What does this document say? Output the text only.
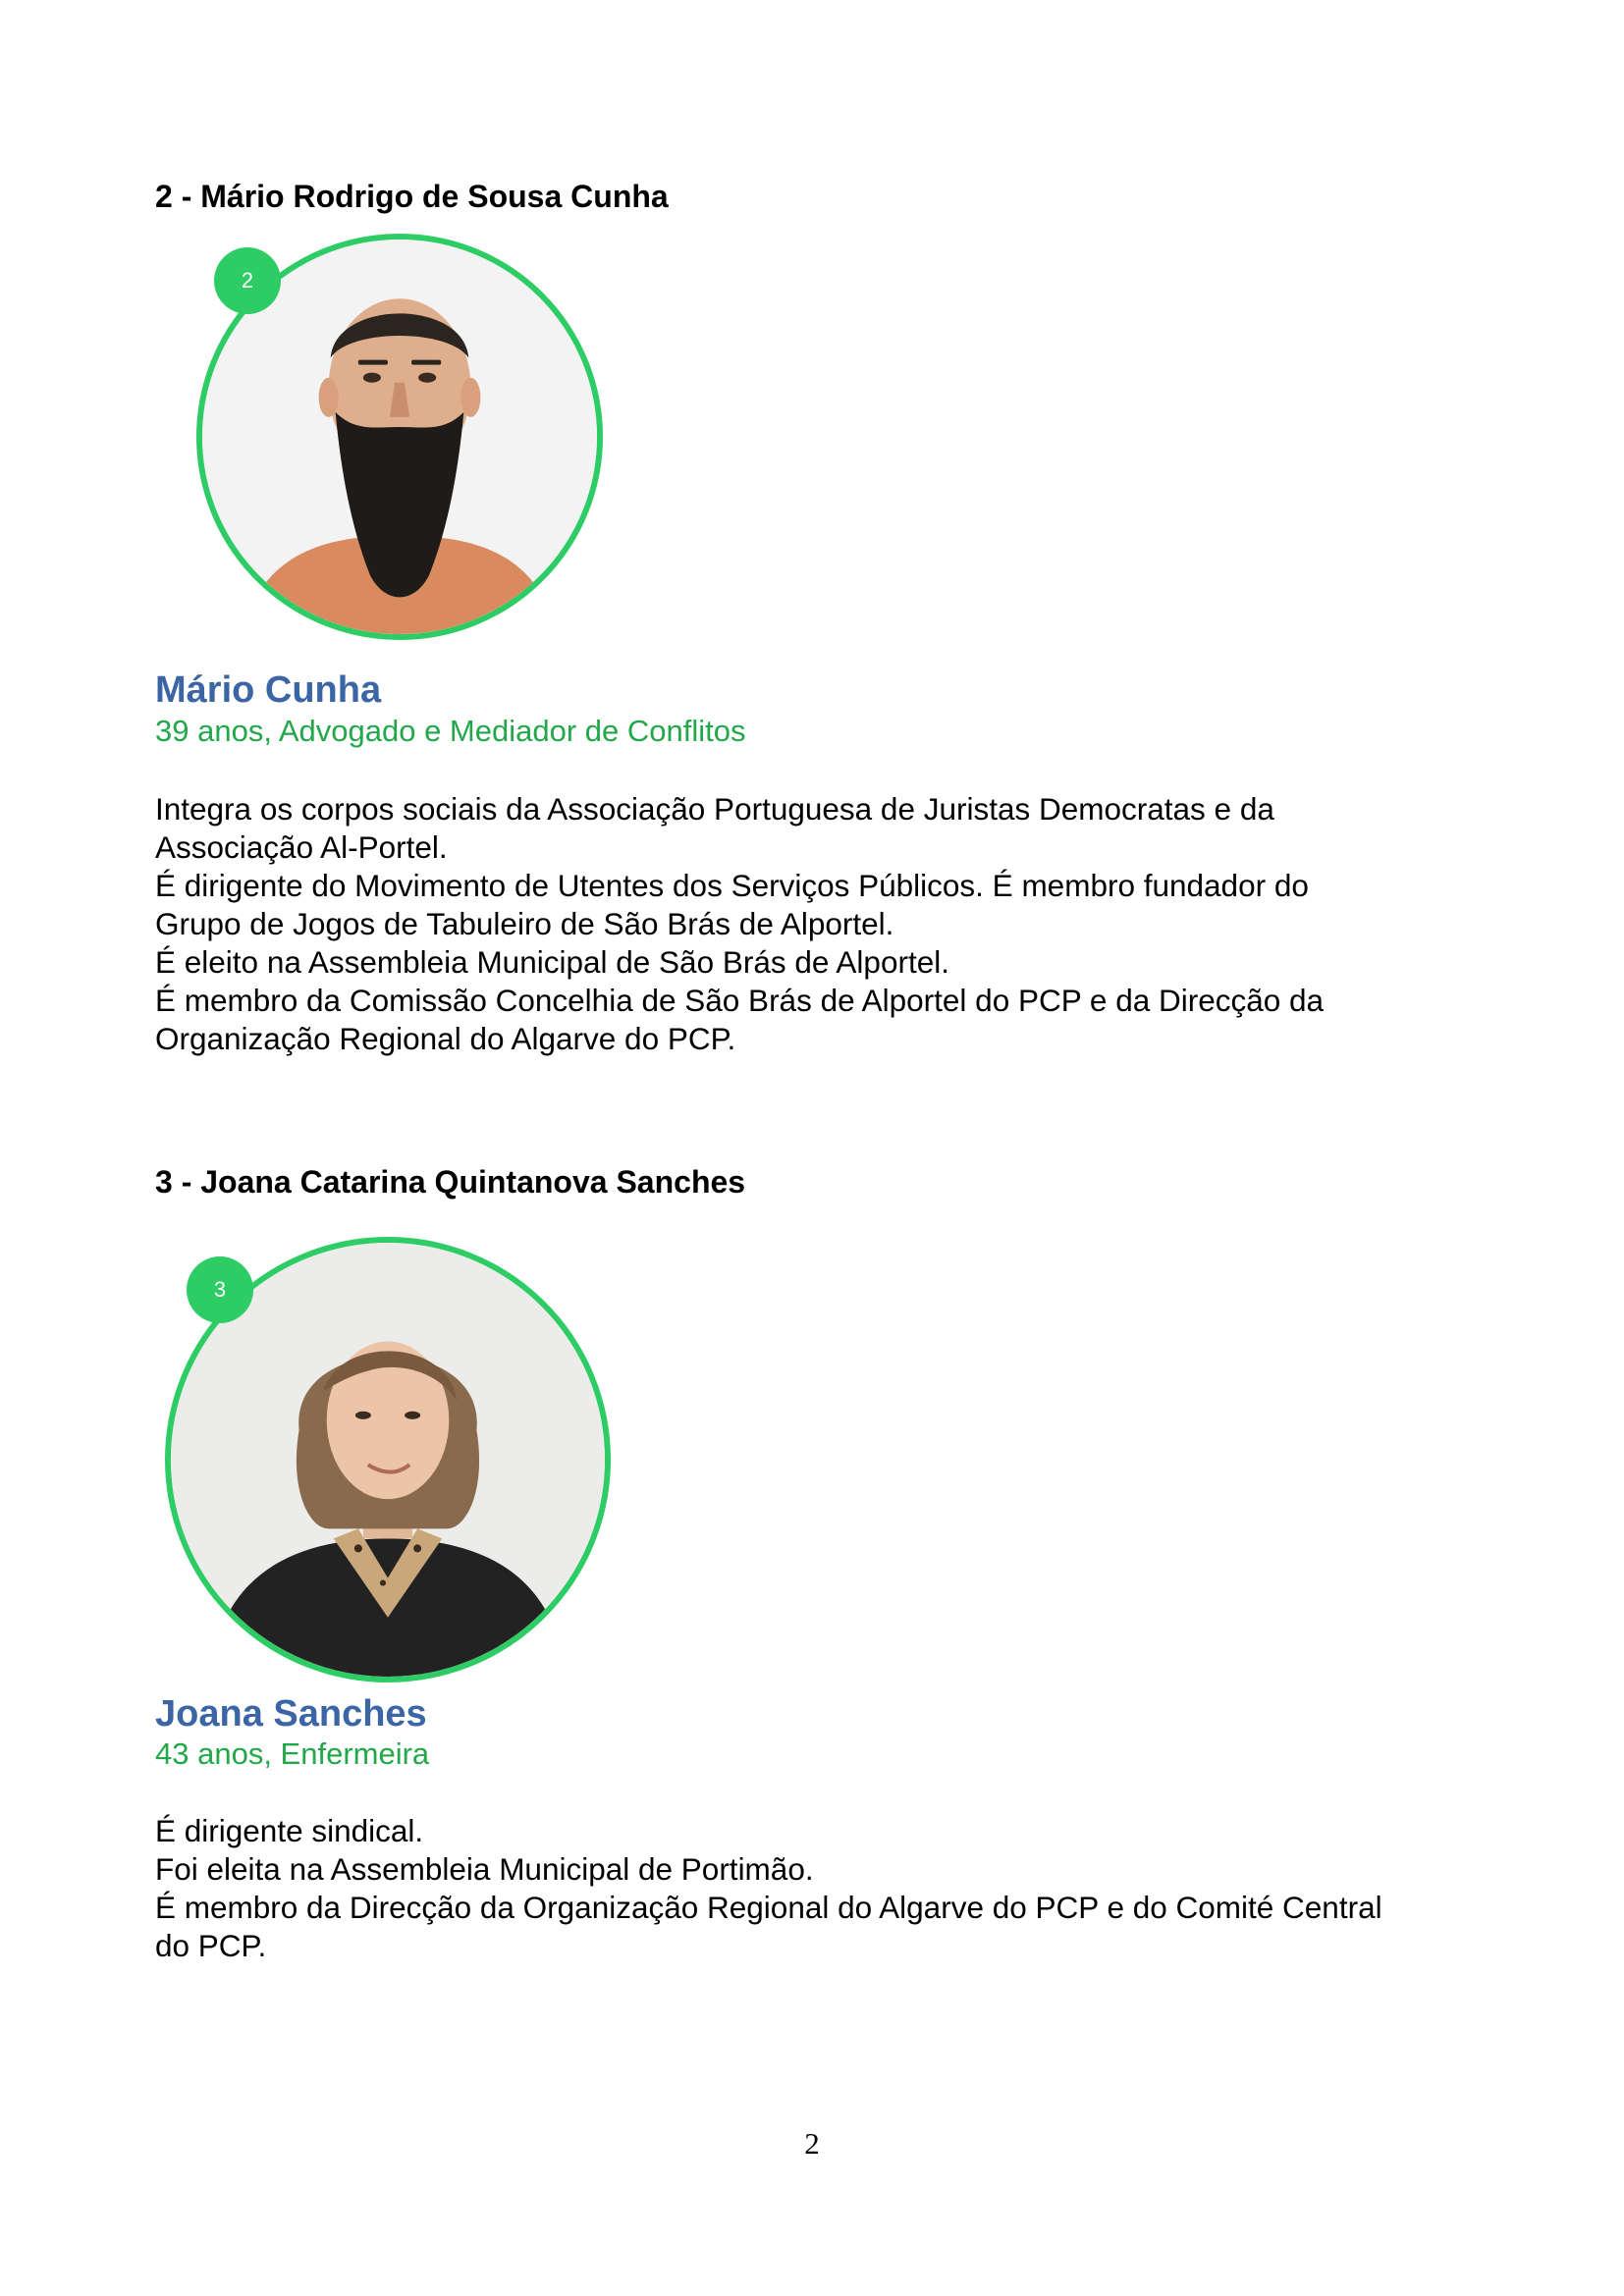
2 - Mário Rodrigo de Sousa Cunha
2
Mário Cunha
39 anos, Advogado e Mediador de Conflitos
Integra os corpos sociais da Associação Portuguesa de Juristas Democratas e da
Associação Al-Portel.
É dirigente do Movimento de Utentes dos Serviços Públicos. É membro fundador do
Grupo de Jogos de Tabuleiro de São Brás de Alportel.
É eleito na Assembleia Municipal de São Brás de Alportel.
É membro da Comissão Concelhia de São Brás de Alportel do PCP e da Direcção da
Organização Regional do Algarve do PCP.
3 - Joana Catarina Quintanova Sanches
3
Joana Sanches
43 anos, Enfermeira
É dirigente sindical.
Foi eleita na Assembleia Municipal de Portimão.
É membro da Direcção da Organização Regional do Algarve do PCP e do Comité Central
do PCP.
2
